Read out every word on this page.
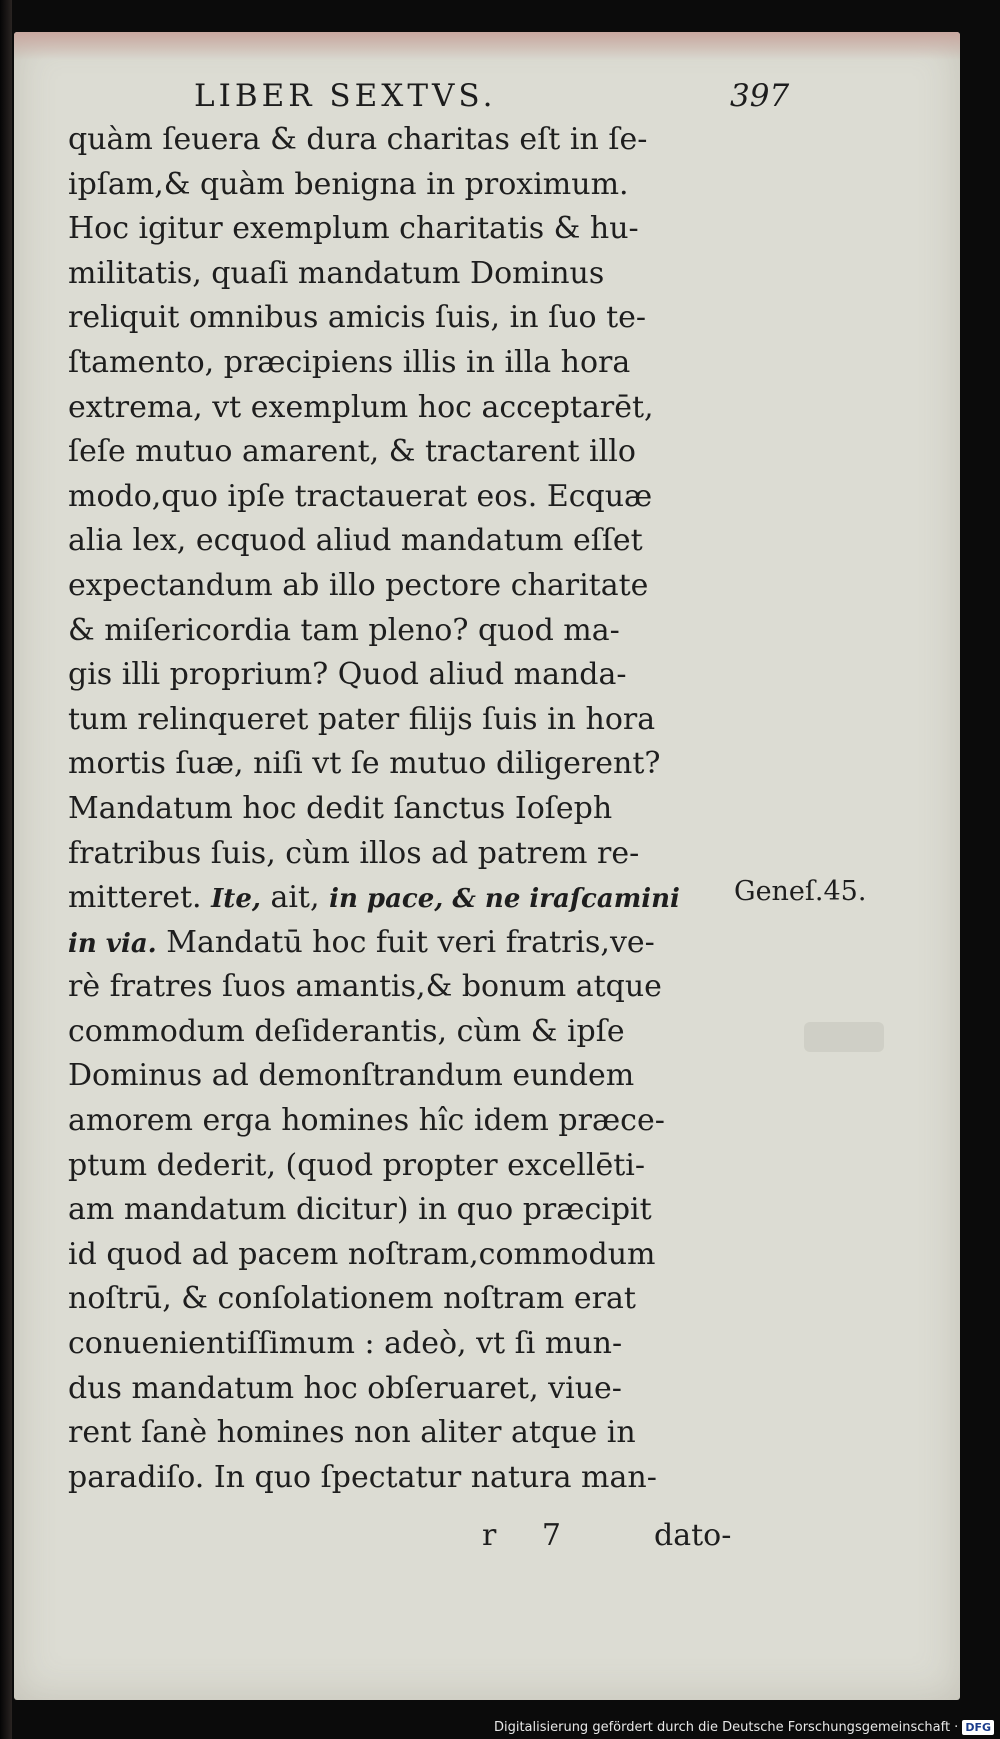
LIBER SEXTVS.	397
quàm ſeuera & dura charitas eſt in ſe-
ipſam,& quàm benigna in proximum.
Hoc igitur exemplum charitatis & hu-
militatis, quaſi mandatum Dominus
reliquit omnibus amicis ſuis, in ſuo te-
ſtamento, præcipiens illis in illa hora
extrema, vt exemplum hoc acceptarēt,
ſeſe mutuo amarent, & tractarent illo
modo,quo ipſe tractauerat eos. Ecquæ
alia lex, ecquod aliud mandatum eſſet
expectandum ab illo pectore charitate
& miſericordia tam pleno? quod ma-
gis illi proprium? Quod aliud manda-
tum relinqueret pater filijs ſuis in hora
mortis ſuæ, niſi vt ſe mutuo diligerent?
Mandatum hoc dedit ſanctus Ioſeph
fratribus ſuis, cùm illos ad patrem re-
mitteret. Ite, ait, in pace, & ne iraſcamini
in via. Mandatū hoc fuit veri fratris,ve-
rè fratres ſuos amantis,& bonum atque
commodum deſiderantis, cùm & ipſe
Dominus ad demonſtrandum eundem
amorem erga homines hîc idem præce-
ptum dederit, (quod propter excellēti-
am mandatum dicitur) in quo præcipit
id quod ad pacem noſtram,commodum
noſtrū, & conſolationem noſtram erat
conuenientiſſimum : adeò, vt ſi mun-
dus mandatum hoc obſeruaret, viue-
rent ſanè homines non aliter atque in
paradiſo. In quo ſpectatur natura man-
Geneſ.45.
r 7	dato-
Digitalisierung gefördert durch die Deutsche Forschungsgemeinschaft · DFG
